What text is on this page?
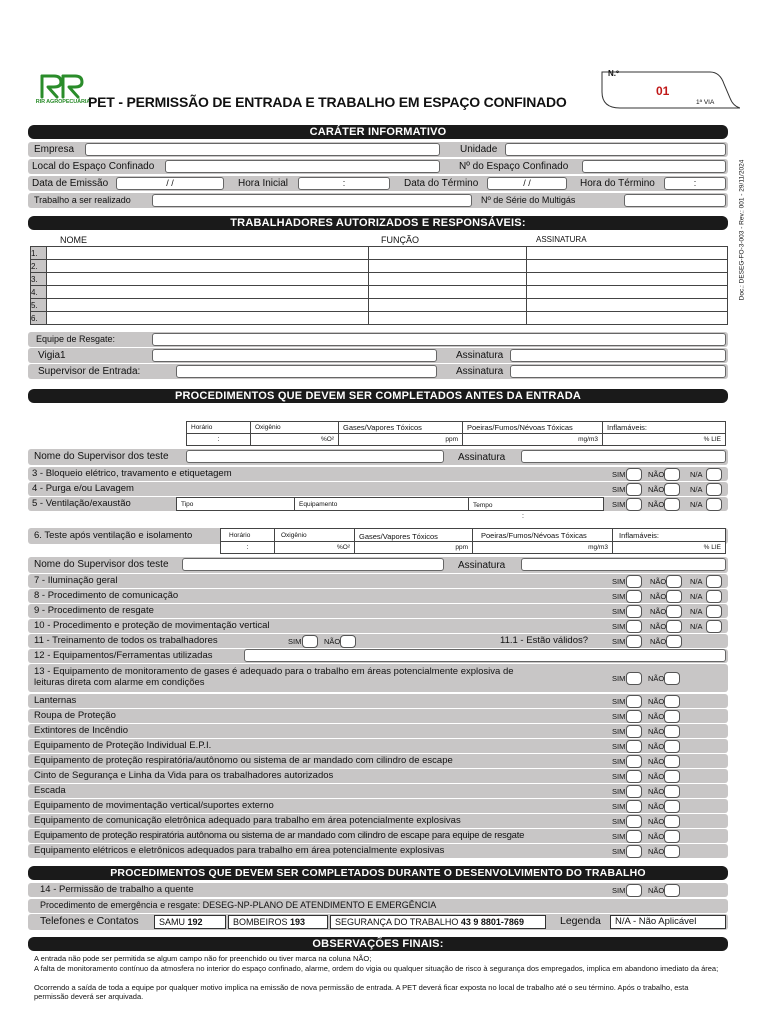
RIR AGROPECUÁRIA
PET - PERMISSÃO DE ENTRADA E TRABALHO EM ESPAÇO CONFINADO
N.º
01
1ª VIA
Doc.: DESEG-FO-3-003 - Rev.: 001 - 29/11/2024
CARÁTER INFORMATIVO
Empresa	Unidade
Local do Espaço Confinado	Nº do Espaço Confinado
Data de Emissão	/ /	Hora Inicial	:	Data do Término	/ /	Hora do Término	:
Trabalho a ser realizado	Nº de Série do Multigás
TRABALHADORES AUTORIZADOS E RESPONSÁVEIS:
NOME	FUNÇÃO	ASSINATURA
1.			
2.			
3.			
4.			
5.			
6.			
Equipe de Resgate:
Vigia1	Assinatura
Supervisor de Entrada:	Assinatura
PROCEDIMENTOS QUE DEVEM SER COMPLETADOS ANTES DA ENTRADA
Horário	Oxigênio	Gases/Vapores Tóxicos	Poeiras/Fumos/Névoas Tóxicas	Inflamáveis:
:	%O²	ppm	mg/m3	% LIE
Nome do Supervisor dos teste	Assinatura
3 - Bloqueio elétrico, travamento e etiquetagem	SIM	NÃO	N/A
4 - Purga e/ou Lavagem	SIM	NÃO	N/A
5 - Ventilação/exaustão	Tipo	Equipamento	Tempo	SIM	NÃO	N/A
:
6. Teste após ventilação e isolamento	Horário	Oxigênio	Gases/Vapores Tóxicos	Poeiras/Fumos/Névoas Tóxicas	Inflamáveis:
:	%O²	ppm	mg/m3	% LIE
Nome do Supervisor dos teste	Assinatura
7 - Iluminação geral	SIM	NÃO	N/A
8 - Procedimento de comunicação	SIM	NÃO	N/A
9 - Procedimento de resgate	SIM	NÃO	N/A
10 - Procedimento e proteção de movimentação vertical	SIM	NÃO	N/A
11 - Treinamento de todos os trabalhadores	SIM	NÃO	11.1 - Estão válidos?	SIM	NÃO
12 - Equipamentos/Ferramentas utilizadas
13 - Equipamento de monitoramento de gases é adequado para o trabalho em áreas potencialmente explosiva de leituras direta com alarme em condições	SIM	NÃO
Lanternas	SIM	NÃO
Roupa de Proteção	SIM	NÃO
Extintores de Incêndio	SIM	NÃO
Equipamento de Proteção Individual E.P.I.	SIM	NÃO
Equipamento de proteção respiratória/autônomo ou sistema de ar mandado com cilindro de escape	SIM	NÃO
Cinto de Segurança e Linha da Vida para os trabalhadores autorizados	SIM	NÃO
Escada	SIM	NÃO
Equipamento de movimentação vertical/suportes externo	SIM	NÃO
Equipamento de comunicação eletrônica adequado para trabalho em área potencialmente explosivas	SIM	NÃO
Equipamento de proteção respiratória autônoma ou sistema de ar mandado com cilindro de escape para equipe de resgate	SIM	NÃO
Equipamento elétricos e eletrônicos adequados para trabalho em área potencialmente explosivas	SIM	NÃO
PROCEDIMENTOS QUE DEVEM SER COMPLETADOS DURANTE O DESENVOLVIMENTO DO TRABALHO
14 - Permissão de trabalho a quente	SIM	NÃO
Procedimento de emergência e resgate: DESEG-NP-PLANO DE ATENDIMENTO E EMERGÊNCIA
Telefones e Contatos	SAMU 192	BOMBEIROS 193	SEGURANÇA DO TRABALHO 43 9 8801-7869	Legenda	N/A - Não Aplicável
OBSERVAÇÕES FINAIS:
A entrada não pode ser permitida se algum campo não for preenchido ou tiver marca na coluna NÃO;
A falta de monitoramento contínuo da atmosfera no interior do espaço confinado, alarme, ordem do vigia ou qualquer situação de risco à segurança dos empregados, implica em abandono imediato da área;
Ocorrendo a saída de toda a equipe por qualquer motivo implica na emissão de nova permissão de entrada. A PET deverá ficar exposta no local de trabalho até o seu término. Após o trabalho, esta permissão deverá ser arquivada.
